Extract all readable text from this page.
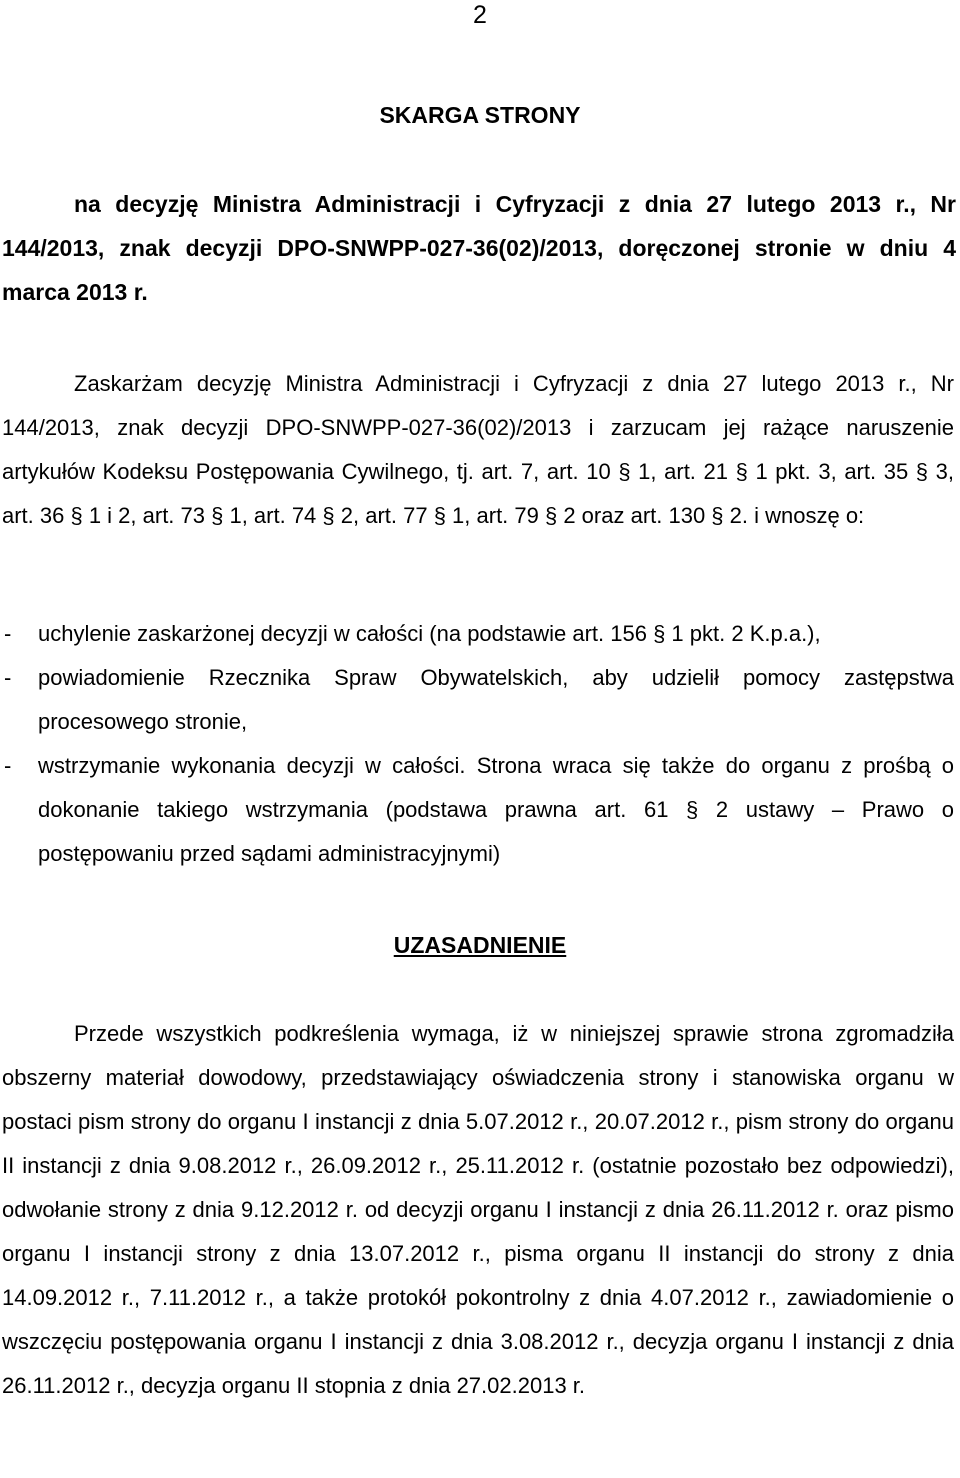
2
SKARGA STRONY
na decyzję Ministra Administracji i Cyfryzacji z dnia 27 lutego 2013 r., Nr 144/2013, znak decyzji DPO-SNWPP-027-36(02)/2013, doręczonej stronie w dniu 4 marca 2013 r.
Zaskarżam decyzję Ministra Administracji i Cyfryzacji z dnia 27 lutego 2013 r., Nr 144/2013, znak decyzji DPO-SNWPP-027-36(02)/2013 i zarzucam jej rażące naruszenie artykułów Kodeksu Postępowania Cywilnego, tj. art. 7, art. 10 § 1, art. 21 § 1 pkt. 3, art. 35 § 3, art. 36 § 1 i 2, art. 73 § 1, art. 74 § 2, art. 77 § 1, art. 79 § 2 oraz art. 130 § 2. i wnoszę o:
- uchylenie zaskarżonej decyzji w całości (na podstawie art. 156 § 1 pkt. 2 K.p.a.),
- powiadomienie Rzecznika Spraw Obywatelskich, aby udzielił pomocy zastępstwa procesowego stronie,
- wstrzymanie wykonania decyzji w całości. Strona wraca się także do organu z prośbą o dokonanie takiego wstrzymania (podstawa prawna art. 61 § 2 ustawy – Prawo o postępowaniu przed sądami administracyjnymi)
UZASADNIENIE
Przede wszystkich podkreślenia wymaga, iż w niniejszej sprawie strona zgromadziła obszerny materiał dowodowy, przedstawiający oświadczenia strony i stanowiska organu w postaci pism strony do organu I instancji z dnia 5.07.2012 r., 20.07.2012 r., pism strony do organu II instancji z dnia 9.08.2012 r., 26.09.2012 r., 25.11.2012 r. (ostatnie pozostało bez odpowiedzi), odwołanie strony z dnia 9.12.2012 r. od decyzji organu I instancji z dnia 26.11.2012 r. oraz pismo organu I instancji strony z dnia 13.07.2012 r., pisma organu II instancji do strony z dnia 14.09.2012 r., 7.11.2012 r., a także protokół pokontrolny z dnia 4.07.2012 r., zawiadomienie o wszczęciu postępowania organu I instancji z dnia 3.08.2012 r., decyzja organu I instancji z dnia 26.11.2012 r., decyzja organu II stopnia z dnia 27.02.2013 r.
